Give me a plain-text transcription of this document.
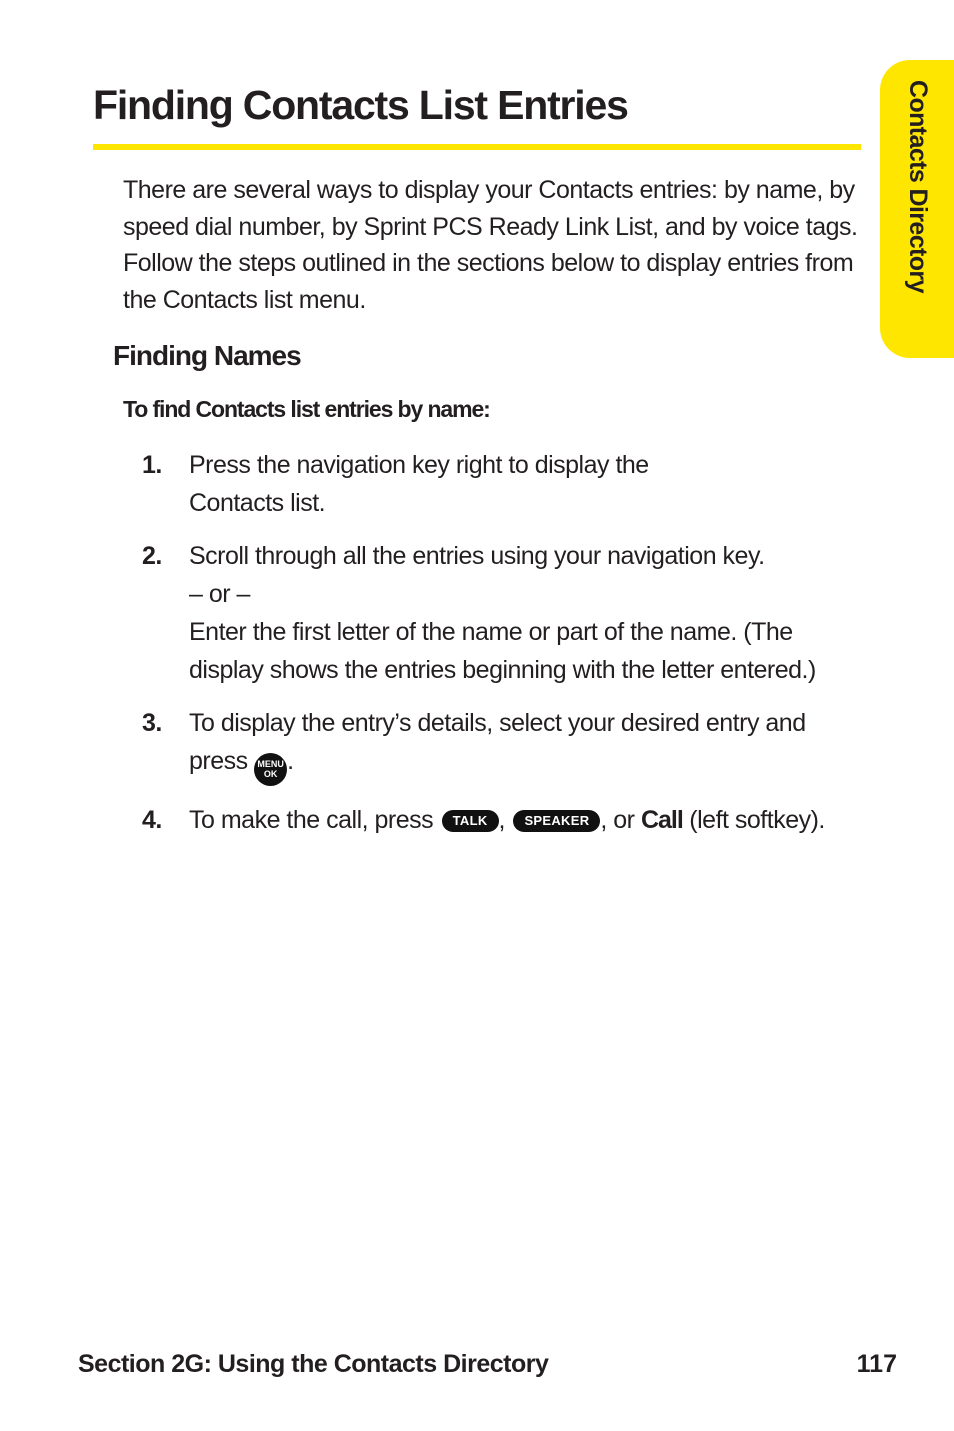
Finding Contacts List Entries	Contacts Directory

There are several ways to display your Contacts entries: by name, by speed dial number, by Sprint PCS Ready Link List, and by voice tags. Follow the steps outlined in the sections below to display entries from the Contacts list menu.

Finding Names
To find Contacts list entries by name:
1. Press the navigation key right to display the
Contacts list.
2. Scroll through all the entries using your navigation key.
– or –
Enter the first letter of the name or part of the name. (The display shows the entries beginning with the letter entered.)
3. To display the entry’s details, select your desired entry and press MENU
OK .
4. To make the call, press TALK , SPEAKER , or Call (left softkey).
Section 2G: Using the Contacts Directory	117
